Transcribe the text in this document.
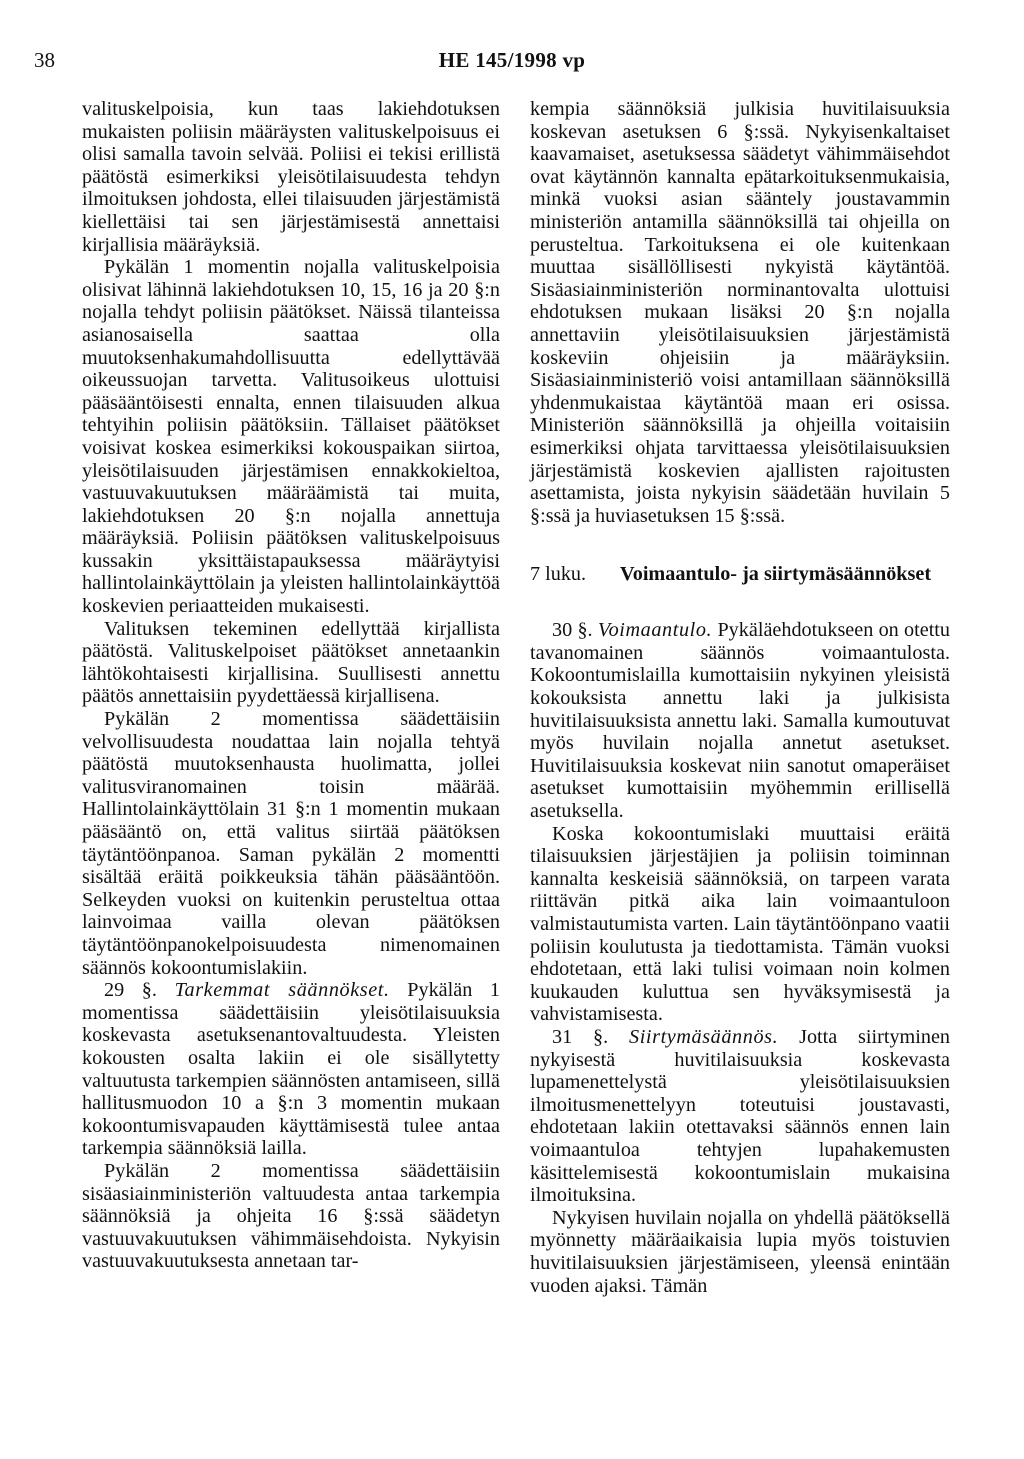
38	HE 145/1998 vp

valituskelpoisia, kun taas lakiehdotuksen mukaisten poliisin määräysten valituskelpoisuus ei olisi samalla tavoin selvää. Poliisi ei tekisi erillistä päätöstä esimerkiksi yleisötilaisuudesta tehdyn ilmoituksen johdosta, ellei tilaisuuden järjestämistä kiellettäisi tai sen järjestämisestä annettaisi kirjallisia määräyksiä.

Pykälän 1 momentin nojalla valituskelpoisia olisivat lähinnä lakiehdotuksen 10, 15, 16 ja 20 §:n nojalla tehdyt poliisin päätökset. Näissä tilanteissa asianosaisella saattaa olla muutoksenhakumahdollisuutta edellyttävää oikeussuojan tarvetta. Valitusoikeus ulottuisi pääsääntöisesti ennalta, ennen tilaisuuden alkua tehtyihin poliisin päätöksiin. Tällaiset päätökset voisivat koskea esimerkiksi kokouspaikan siirtoa, yleisötilaisuuden järjestämisen ennakkokieltoa, vastuuvakuutuksen määräämistä tai muita, lakiehdotuksen 20 §:n nojalla annettuja määräyksiä. Poliisin päätöksen valituskelpoisuus kussakin yksittäistapauksessa määräytyisi hallintolainkäyttölain ja yleisten hallintolainkäyttöä koskevien periaatteiden mukaisesti.

Valituksen tekeminen edellyttää kirjallista päätöstä. Valituskelpoiset päätökset annetaankin lähtökohtaisesti kirjallisina. Suullisesti annettu päätös annettaisiin pyydettäessä kirjallisena.

Pykälän 2 momentissa säädettäisiin velvollisuudesta noudattaa lain nojalla tehtyä päätöstä muutoksenhausta huolimatta, jollei valitusviranomainen toisin määrää. Hallintolainkäyttölain 31 §:n 1 momentin mukaan pääsääntö on, että valitus siirtää päätöksen täytäntöönpanoa. Saman pykälän 2 momentti sisältää eräitä poikkeuksia tähän pääsääntöön. Selkeyden vuoksi on kuitenkin perusteltua ottaa lainvoimaa vailla olevan päätöksen täytäntöönpanokelpoisuudesta nimenomainen säännös kokoontumislakiin.

29 §. Tarkemmat säännökset. Pykälän 1 momentissa säädettäisiin yleisötilaisuuksia koskevasta asetuksenantovaltuudesta. Yleisten kokousten osalta lakiin ei ole sisällytetty valtuutusta tarkempien säännösten antamiseen, sillä hallitusmuodon 10 a §:n 3 momentin mukaan kokoontumisvapauden käyttämisestä tulee antaa tarkempia säännöksiä laillа.

Pykälän 2 momentissa säädettäisiin sisäasiainministeriön valtuudesta antaa tarkempia säännöksiä ja ohjeita 16 §:ssä säädetyn vastuuvakuutuksen vähimmäisehdoista. Nykyisin vastuuvakuutuksesta annetaan tar-

kempia säännöksiä julkisia huvitilaisuuksia koskevan asetuksen 6 §:ssä. Nykyisenkaltaiset kaavamaiset, asetuksessa säädetyt vähimmäisehdot ovat käytännön kannalta epätarkoituksenmukaisia, minkä vuoksi asian sääntely joustavammin ministeriön antamilla säännöksillä tai ohjeilla on perusteltua. Tarkoituksena ei ole kuitenkaan muuttaa sisällöllisesti nykyistä käytäntöä. Sisäasiainministeriön norminantovalta ulottuisi ehdotuksen mukaan lisäksi 20 §:n nojalla annettaviin yleisötilaisuuksien järjestämistä koskeviin ohjeisiin ja määräyksiin. Sisäasiainministeriö voisi antamillaan säännöksillä yhdenmukaistaa käytäntöä maan eri osissa. Ministeriön säännöksillä ja ohjeilla voitaisiin esimerkiksi ohjata tarvittaessa yleisötilaisuuksien järjestämistä koskevien ajallisten rajoitusten asettamista, joista nykyisin säädetään huvilain 5 §:ssä ja huviasetuksen 15 §:ssä.

7 luku.	Voimaantulo- ja siirtymäsäännökset

30 §. Voimaantulo. Pykäläehdotukseen on otettu tavanomainen säännös voimaantulosta. Kokoontumislailla kumottaisiin nykyinen yleisistä kokouksista annettu laki ja julkisista huvitilaisuuksista annettu laki. Samalla kumoutuvat myös huvilain nojalla annetut asetukset. Huvitilaisuuksia koskevat niin sanotut omaperäiset asetukset kumottaisiin myöhemmin erillisellä asetuksella.

Koska kokoontumislaki muuttaisi eräitä tilaisuuksien järjestäjien ja poliisin toiminnan kannalta keskeisiä säännöksiä, on tarpeen varata riittävän pitkä aika lain voimaantuloon valmistautumista varten. Lain täytäntöönpano vaatii poliisin koulutusta ja tiedottamista. Tämän vuoksi ehdotetaan, että laki tulisi voimaan noin kolmen kuukauden kuluttua sen hyväksymisestä ja vahvistamisesta.

31 §. Siirtymäsäännös. Jotta siirtyminen nykyisestä huvitilaisuuksia koskevasta lupamenettelystä yleisötilaisuuksien ilmoitusmenettelyyn toteutuisi joustavasti, ehdotetaan lakiin otettavaksi säännös ennen lain voimaantuloa tehtyjen lupahakemusten käsittelemisestä kokoontumislain mukaisina ilmoituksina.

Nykyisen huvilain nojalla on yhdellä päätöksellä myönnetty määräaikaisia lupia myös toistuvien huvitilaisuuksien järjestämiseen, yleensä enintään vuoden ajaksi. Tämän
